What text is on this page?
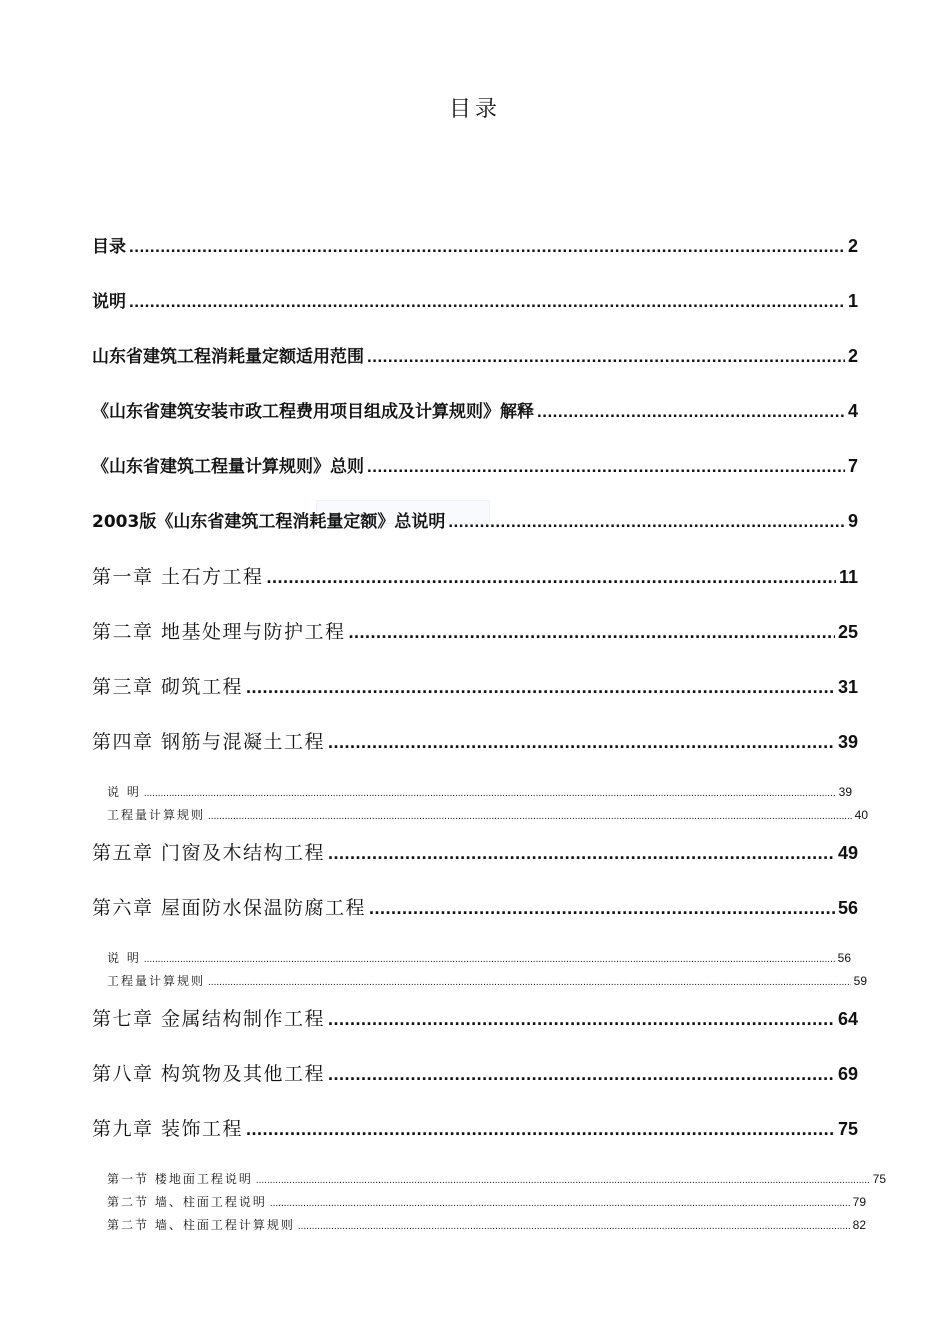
目录
目录 .....	2
说明 .....	1
山东省建筑工程消耗量定额适用范围 .....	2
《山东省建筑安装市政工程费用项目组成及计算规则》解释 .....	4
《山东省建筑工程量计算规则》总则 .....	7
2003版《山东省建筑工程消耗量定额》总说明 .....	9
第一章 土石方工程 .....	11
第二章 地基处理与防护工程 .....	25
第三章 砌筑工程 .....	31
第四章 钢筋与混凝土工程 .....	39
说 明 .....	39
工程量计算规则 .....	40
第五章 门窗及木结构工程 .....	49
第六章 屋面防水保温防腐工程 .....	56
说 明 .....	56
工程量计算规则 .....	59
第七章 金属结构制作工程 .....	64
第八章 构筑物及其他工程 .....	69
第九章 装饰工程 .....	75
第一节 楼地面工程说明 .....	75
第二节 墙、柱面工程说明 .....	79
第二节 墙、柱面工程计算规则 .....	82
